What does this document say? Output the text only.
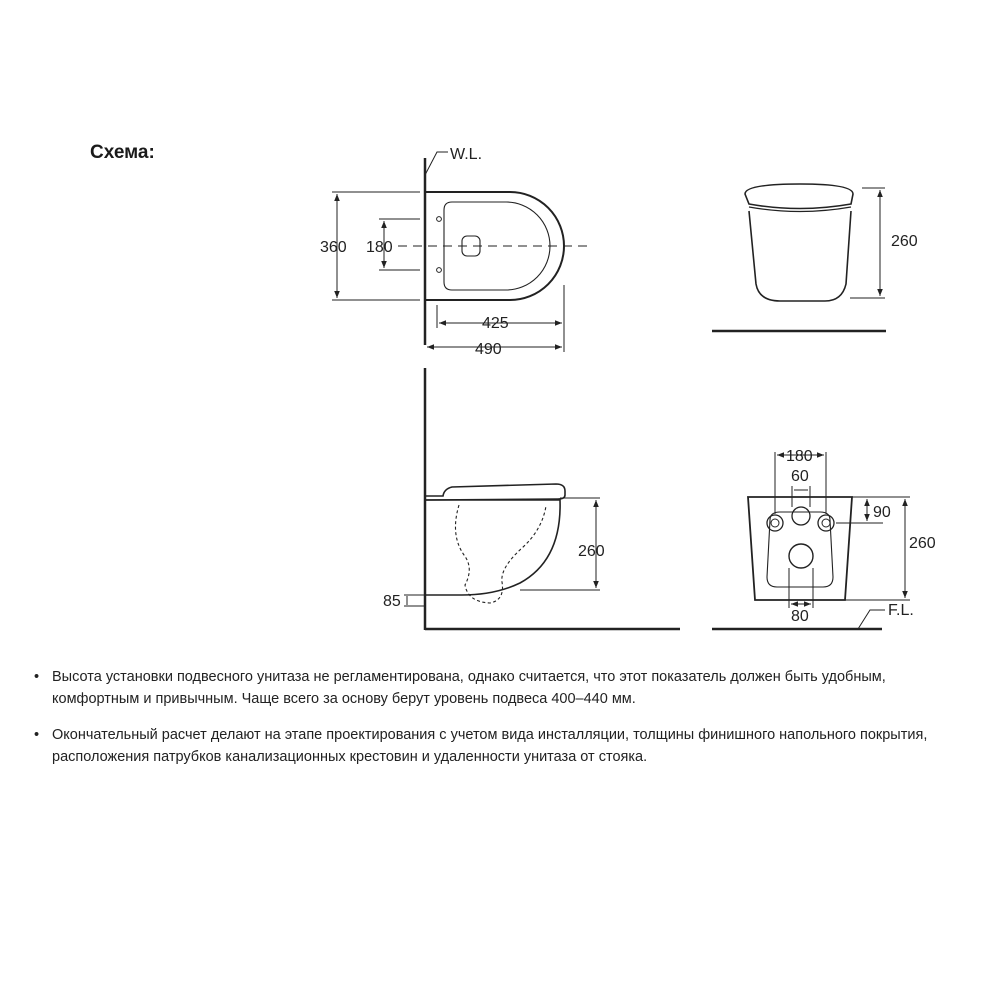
Схема:	W.L.
360 180
425
490
260
260
85
180
60
90
260
80	F.L.
• Высота установки подвесного унитаза не регламентирована, однако считается, что этот показатель должен быть удобным, комфортным и привычным. Чаще всего за основу берут уровень подвеса 400–440 мм.
• Окончательный расчет делают на этапе проектирования с учетом вида инсталляции, толщины финишного напольного покрытия, расположения патрубков канализационных крестовин и удаленности унитаза от стояка.
